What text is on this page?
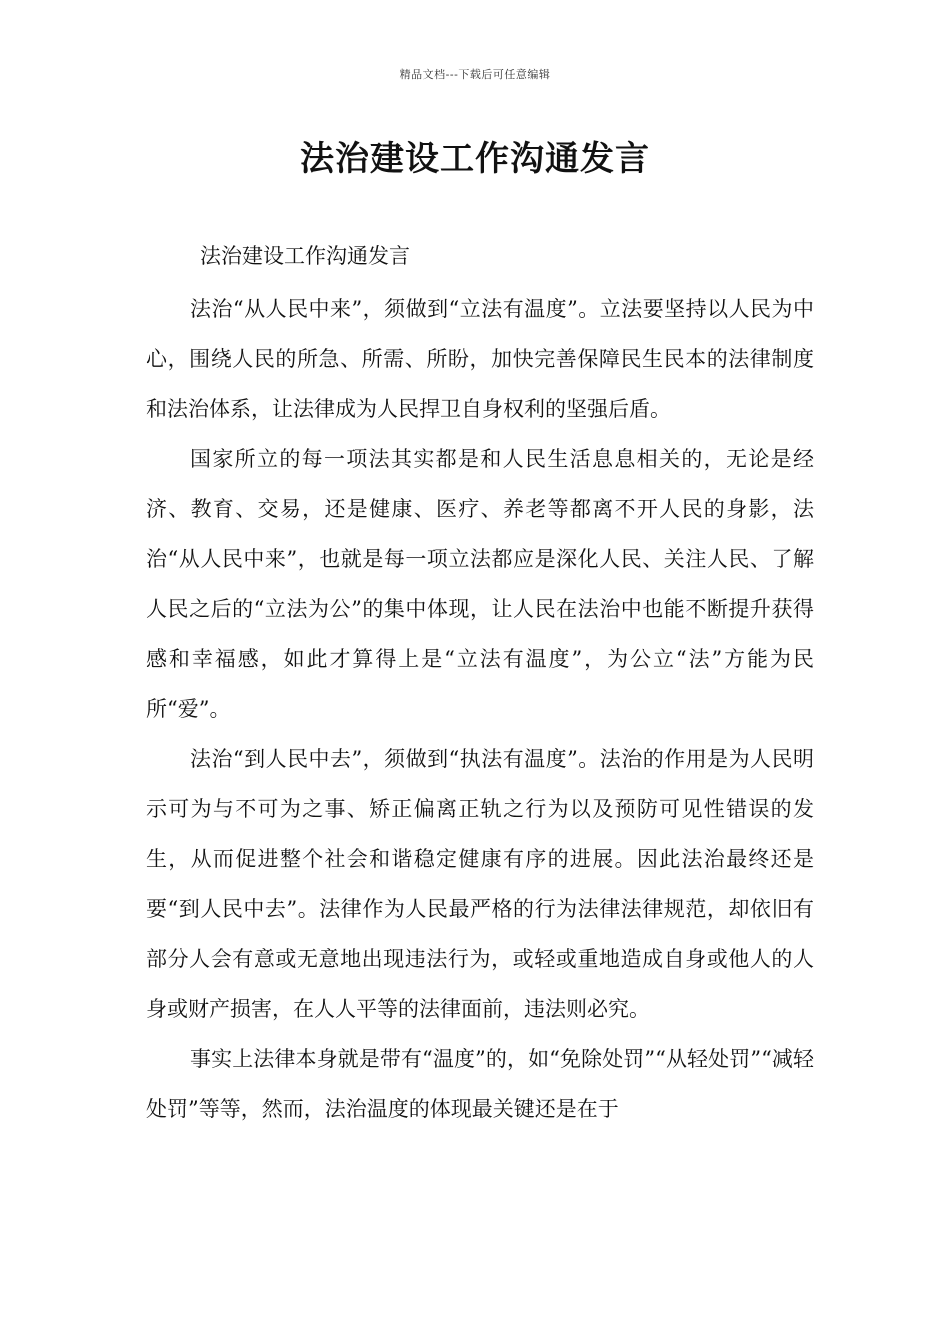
精品文档---下载后可任意编辑
法治建设工作沟通发言

法治建设工作沟通发言

法治“从人民中来”，须做到“立法有温度”。立法要坚持以人民为中心，围绕人民的所急、所需、所盼，加快完善保障民生民本的法律制度和法治体系，让法律成为人民捍卫自身权利的坚强后盾。

国家所立的每一项法其实都是和人民生活息息相关的，无论是经济、教育、交易，还是健康、医疗、养老等都离不开人民的身影，法治“从人民中来”，也就是每一项立法都应是深化人民、关注人民、了解人民之后的“立法为公”的集中体现，让人民在法治中也能不断提升获得感和幸福感，如此才算得上是“立法有温度”，为公立“法”方能为民所“爱”。

法治“到人民中去”，须做到“执法有温度”。法治的作用是为人民明示可为与不可为之事、矫正偏离正轨之行为以及预防可见性错误的发生，从而促进整个社会和谐稳定健康有序的进展。因此法治最终还是要“到人民中去”。法律作为人民最严格的行为法律法律规范，却依旧有部分人会有意或无意地出现违法行为，或轻或重地造成自身或他人的人身或财产损害，在人人平等的法律面前，违法则必究。

事实上法律本身就是带有“温度”的，如“免除处罚”“从轻处罚”“减轻处罚”等等，然而，法治温度的体现最关键还是在于
